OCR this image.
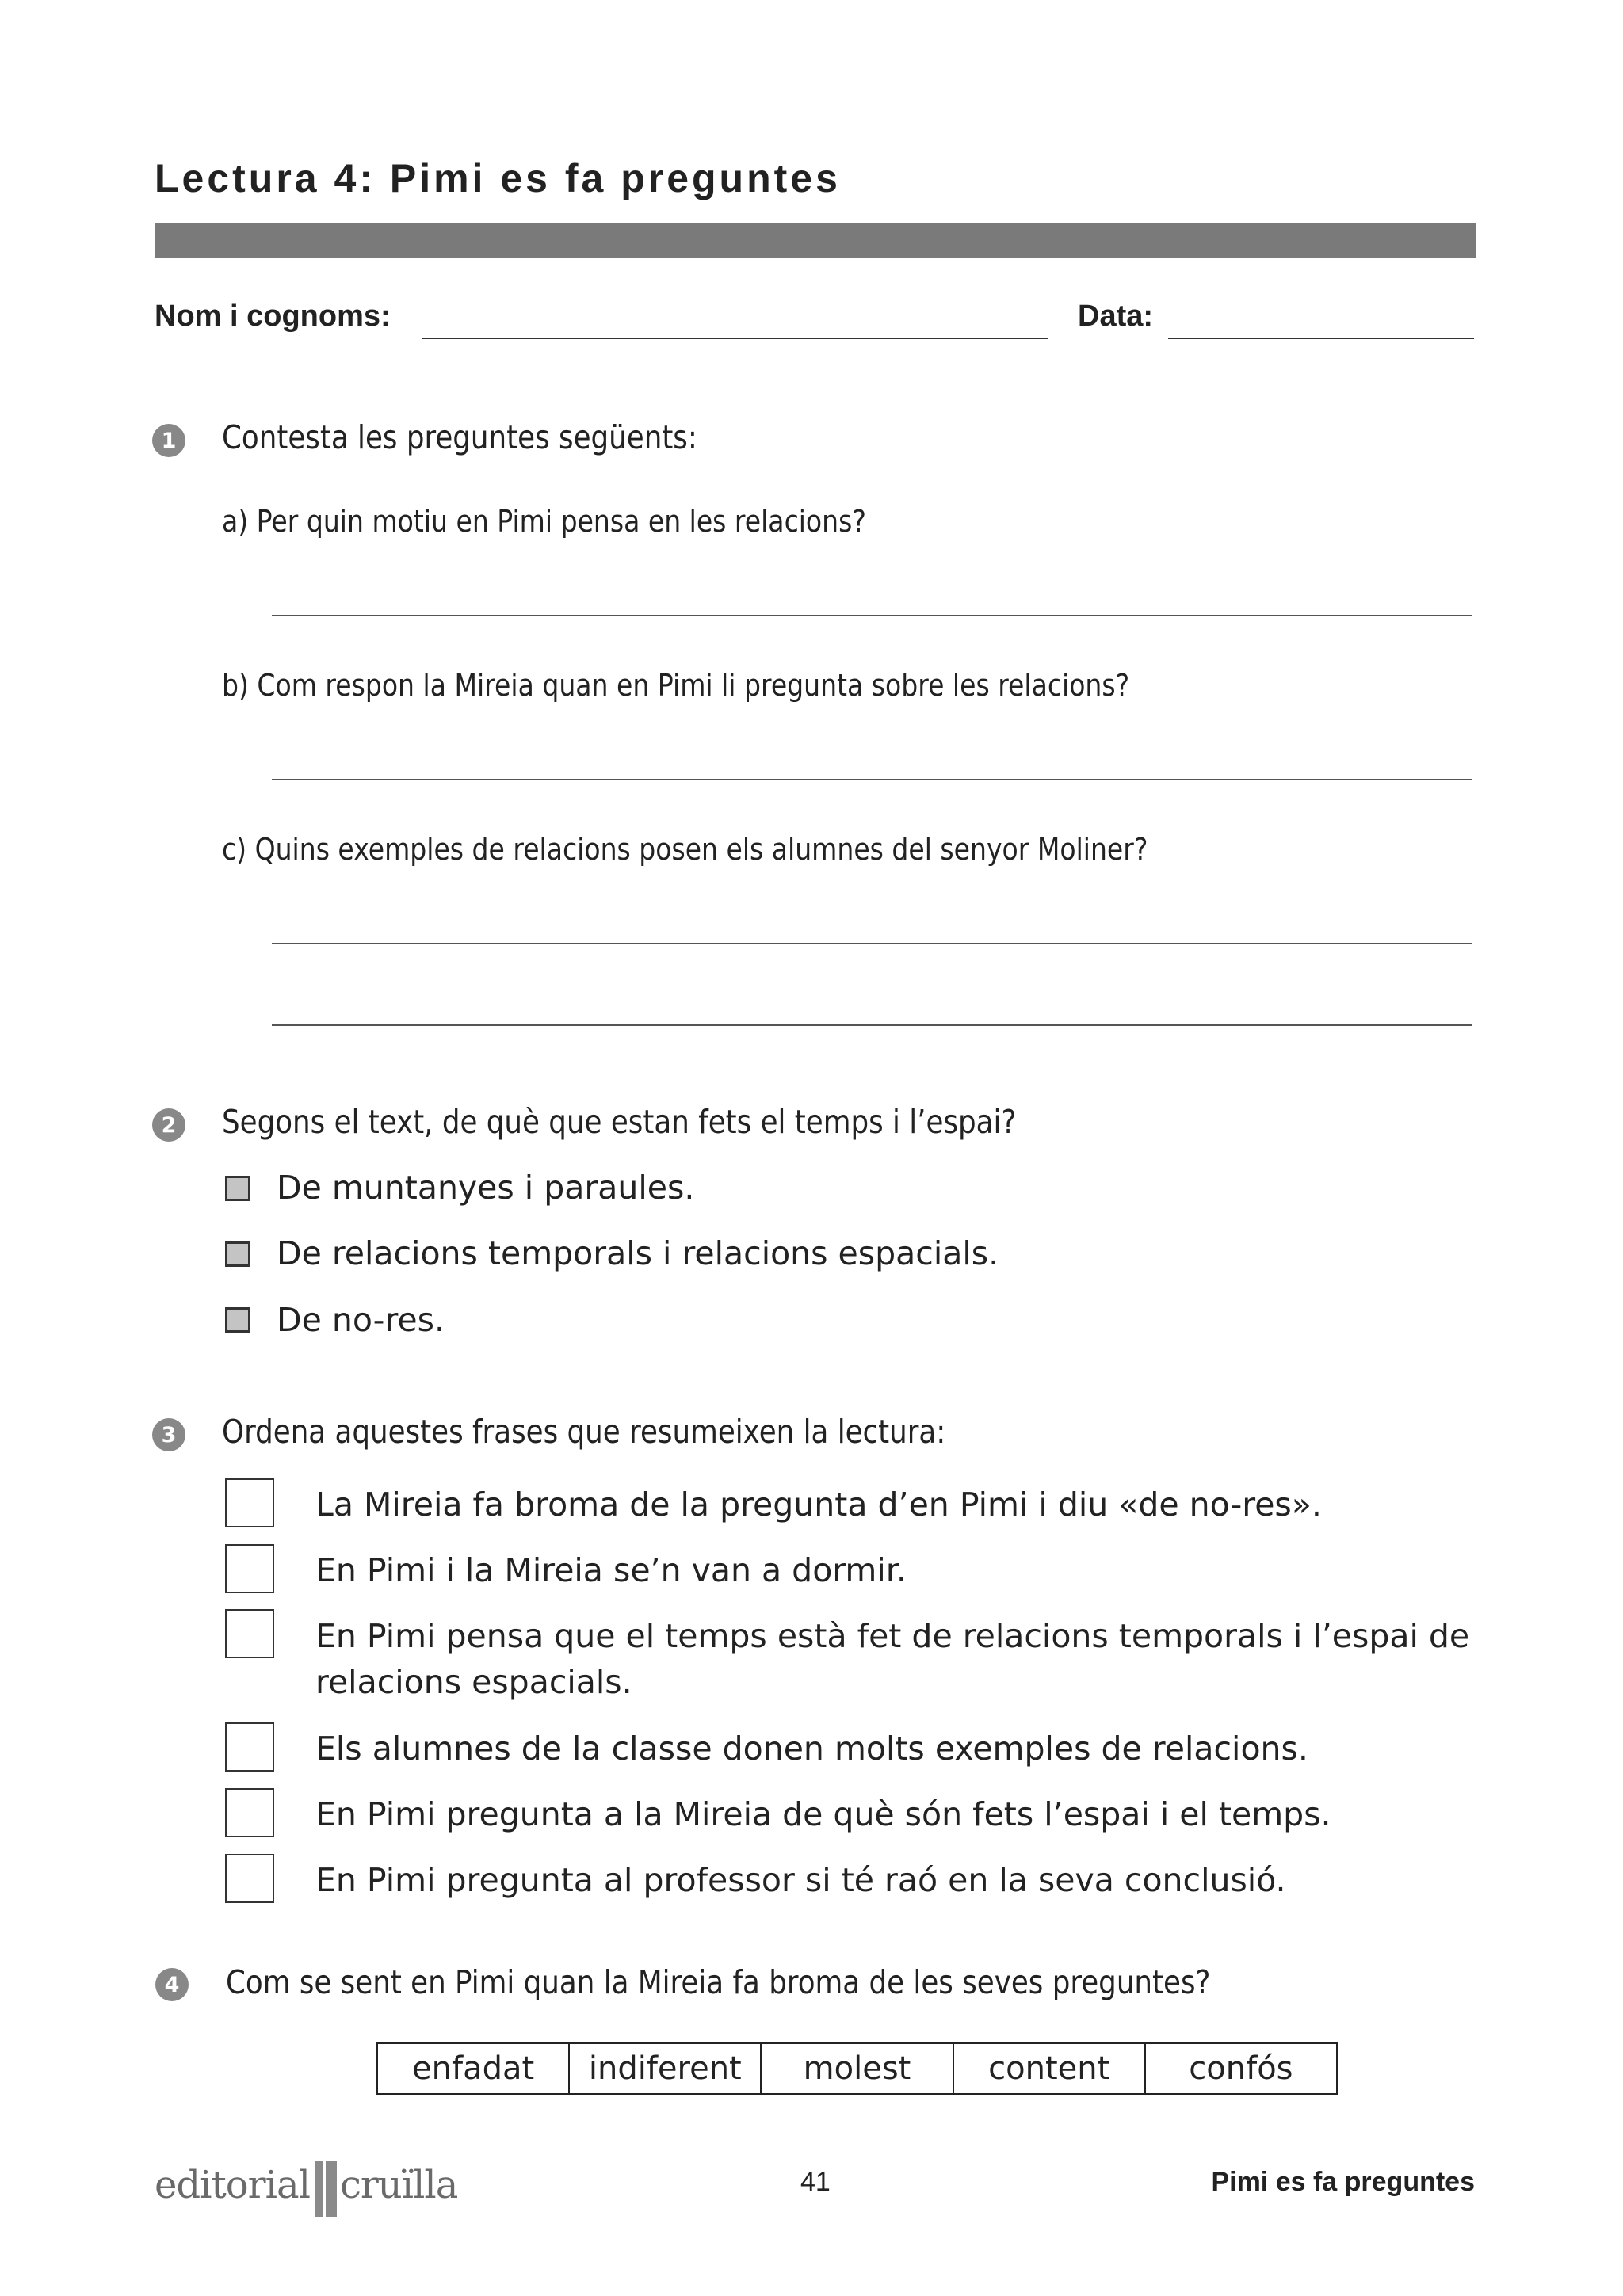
Lectura 4: Pimi es fa preguntes
Nom i cognoms:	Data:
1 Contesta les preguntes següents:
a) Per quin motiu en Pimi pensa en les relacions?
b) Com respon la Mireia quan en Pimi li pregunta sobre les relacions?
c) Quins exemples de relacions posen els alumnes del senyor Moliner?
2 Segons el text, de què que estan fets el temps i l’espai?
De muntanyes i paraules.
De relacions temporals i relacions espacials.
De no-res.
3 Ordena aquestes frases que resumeixen la lectura:
La Mireia fa broma de la pregunta d’en Pimi i diu «de no-res».
En Pimi i la Mireia se’n van a dormir.
En Pimi pensa que el temps està fet de relacions temporals i l’espai de relacions espacials.
Els alumnes de la classe donen molts exemples de relacions.
En Pimi pregunta a la Mireia de què són fets l’espai i el temps.
En Pimi pregunta al professor si té raó en la seva conclusió.
4 Com se sent en Pimi quan la Mireia fa broma de les seves preguntes?
enfadat	indiferent	molest	content	confós
editorial cruïlla	41	Pimi es fa preguntes
